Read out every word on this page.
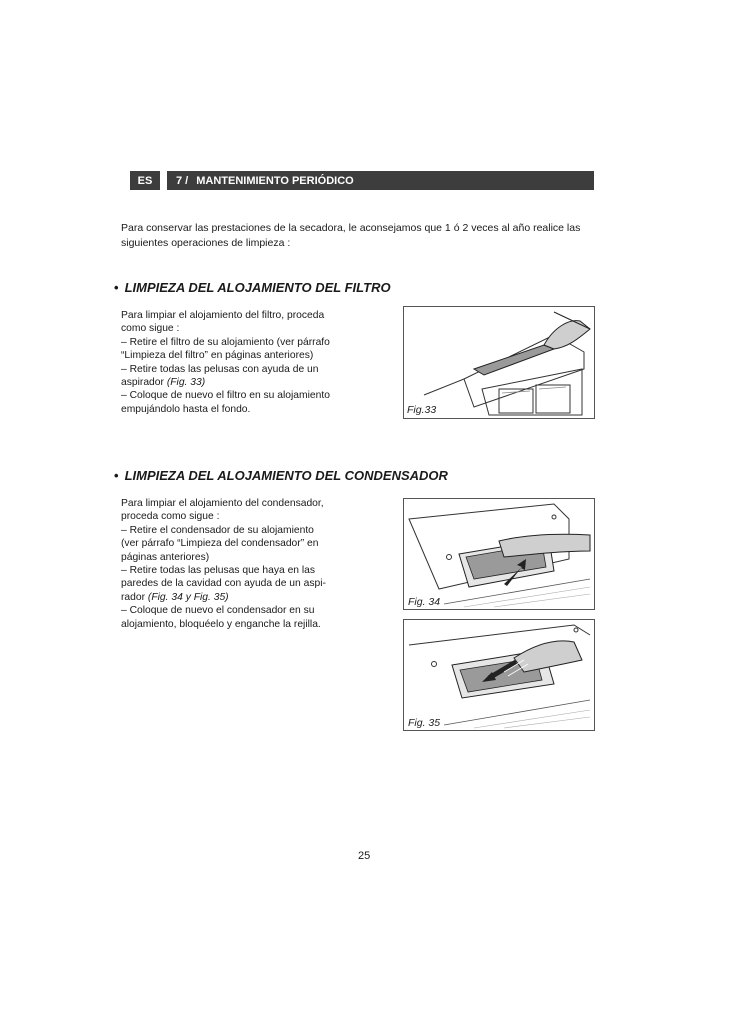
ES 7 / MANTENIMIENTO PERIÓDICO
Para conservar las prestaciones de la secadora, le aconsejamos que 1 ó 2 veces al año realice las
siguientes operaciones de limpieza :
• LIMPIEZA DEL ALOJAMIENTO DEL FILTRO

Para limpiar el alojamiento del filtro, proceda

como sigue :

– Retire el filtro de su alojamiento (ver párrafo

“Limpieza del filtro” en páginas anteriores)

– Retire todas las pelusas con ayuda de un

aspirador (Fig. 33)

– Coloque de nuevo el filtro en su alojamiento

empujándolo hasta el fondo.	Fig.33
• LIMPIEZA DEL ALOJAMIENTO DEL CONDENSADOR

Para limpiar el alojamiento del condensador,

proceda como sigue :

– Retire el condensador de su alojamiento

(ver párrafo “Limpieza del condensador” en

páginas anteriores)

– Retire todas las pelusas que haya en las

paredes de la cavidad con ayuda de un aspi-

rador (Fig. 34 y Fig. 35)

– Coloque de nuevo el condensador en su

alojamiento, bloquéelo y enganche la rejilla.

Fig. 34
Fig. 35
25
